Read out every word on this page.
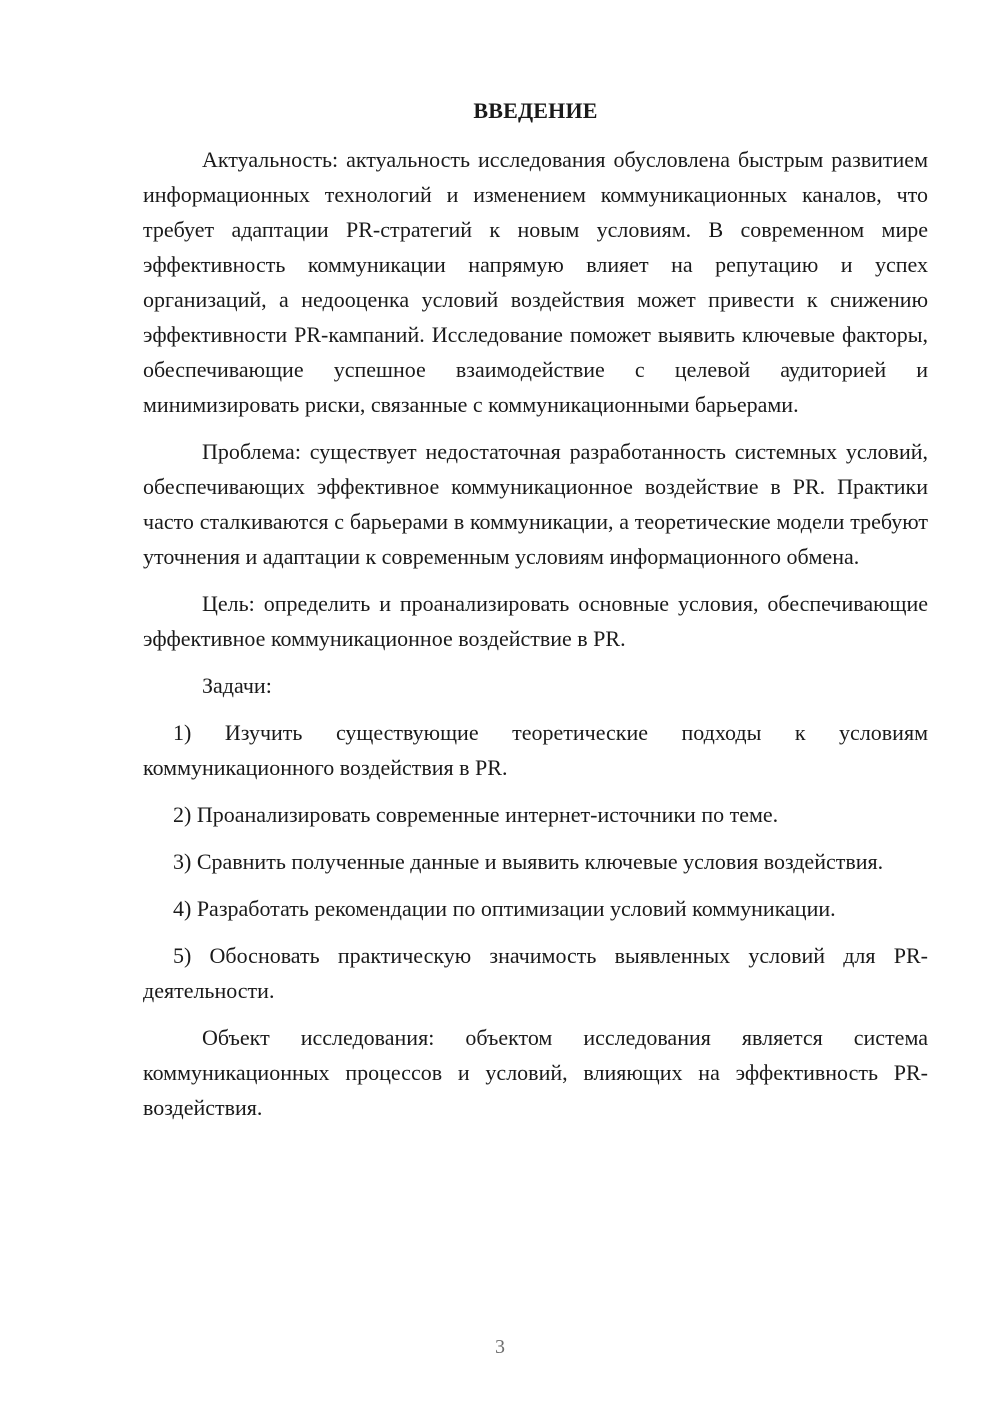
ВВЕДЕНИЕ

Актуальность: актуальность исследования обусловлена быстрым развитием информационных технологий и изменением коммуникационных каналов, что требует адаптации PR-стратегий к новым условиям. В современном мире эффективность коммуникации напрямую влияет на репутацию и успех организаций, а недооценка условий воздействия может привести к снижению эффективности PR-кампаний. Исследование поможет выявить ключевые факторы, обеспечивающие успешное взаимодействие с целевой аудиторией и минимизировать риски, связанные с коммуникационными барьерами.

Проблема: существует недостаточная разработанность системных условий, обеспечивающих эффективное коммуникационное воздействие в PR. Практики часто сталкиваются с барьерами в коммуникации, а теоретические модели требуют уточнения и адаптации к современным условиям информационного обмена.

Цель: определить и проанализировать основные условия, обеспечивающие эффективное коммуникационное воздействие в PR.

Задачи:

1) Изучить существующие теоретические подходы к условиям коммуникационного воздействия в PR.

2) Проанализировать современные интернет-источники по теме.

3) Сравнить полученные данные и выявить ключевые условия воздействия.

4) Разработать рекомендации по оптимизации условий коммуникации.

5) Обосновать практическую значимость выявленных условий для PR-деятельности.

Объект исследования: объектом исследования является система коммуникационных процессов и условий, влияющих на эффективность PR-воздействия.

3
